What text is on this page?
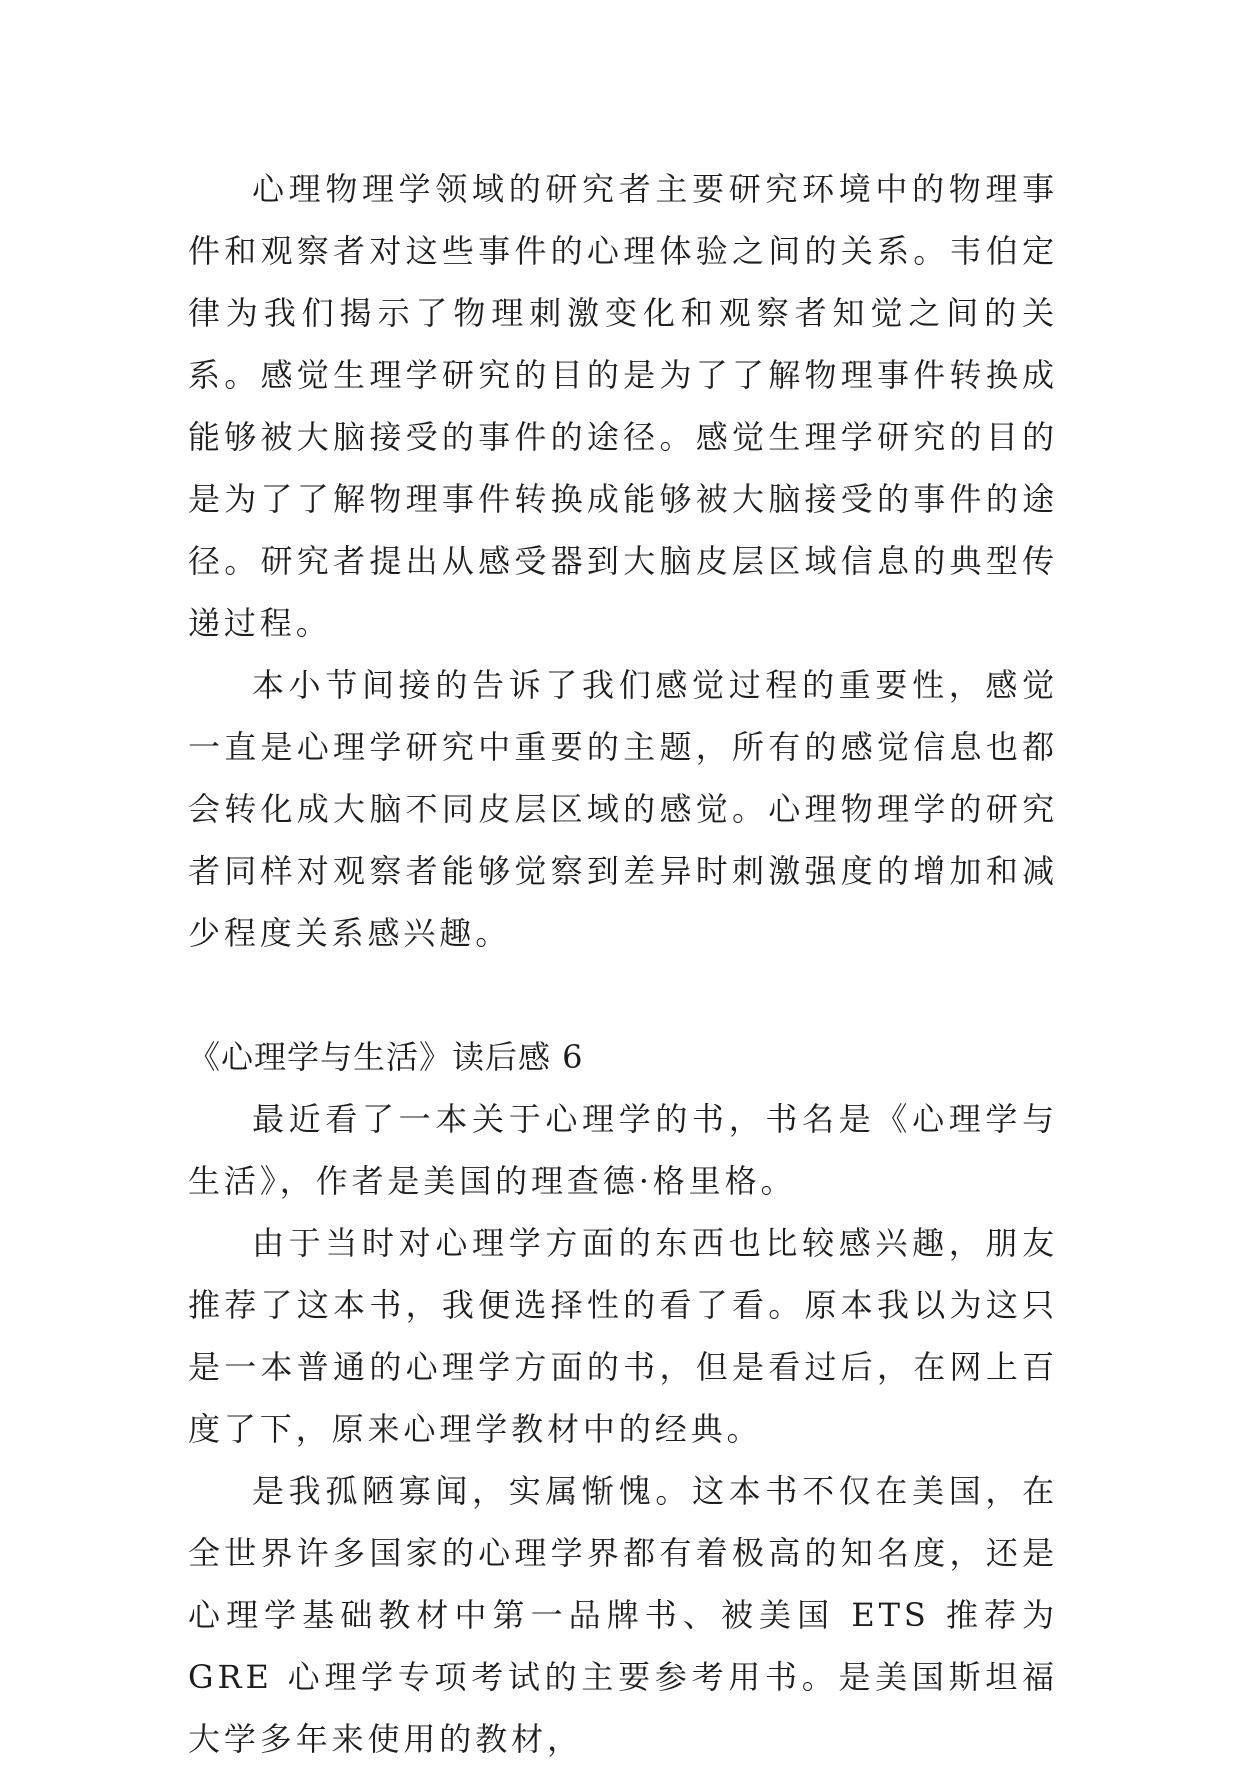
心理物理学领域的研究者主要研究环境中的物理事件和观察者对这些事件的心理体验之间的关系。韦伯定律为我们揭示了物理刺激变化和观察者知觉之间的关系。感觉生理学研究的目的是为了了解物理事件转换成能够被大脑接受的事件的途径。感觉生理学研究的目的是为了了解物理事件转换成能够被大脑接受的事件的途径。研究者提出从感受器到大脑皮层区域信息的典型传递过程。

本小节间接的告诉了我们感觉过程的重要性，感觉一直是心理学研究中重要的主题，所有的感觉信息也都会转化成大脑不同皮层区域的感觉。心理物理学的研究者同样对观察者能够觉察到差异时刺激强度的增加和减少程度关系感兴趣。

《心理学与生活》读后感 6

最近看了一本关于心理学的书，书名是《心理学与生活》，作者是美国的理查德·格里格。

由于当时对心理学方面的东西也比较感兴趣，朋友推荐了这本书，我便选择性的看了看。原本我以为这只是一本普通的心理学方面的书，但是看过后，在网上百度了下，原来心理学教材中的经典。

是我孤陋寡闻，实属惭愧。这本书不仅在美国，在全世界许多国家的心理学界都有着极高的知名度，还是心理学基础教材中第一品牌书、被美国 ETS 推荐为 GRE 心理学专项考试的主要参考用书。是美国斯坦福大学多年来使用的教材，
